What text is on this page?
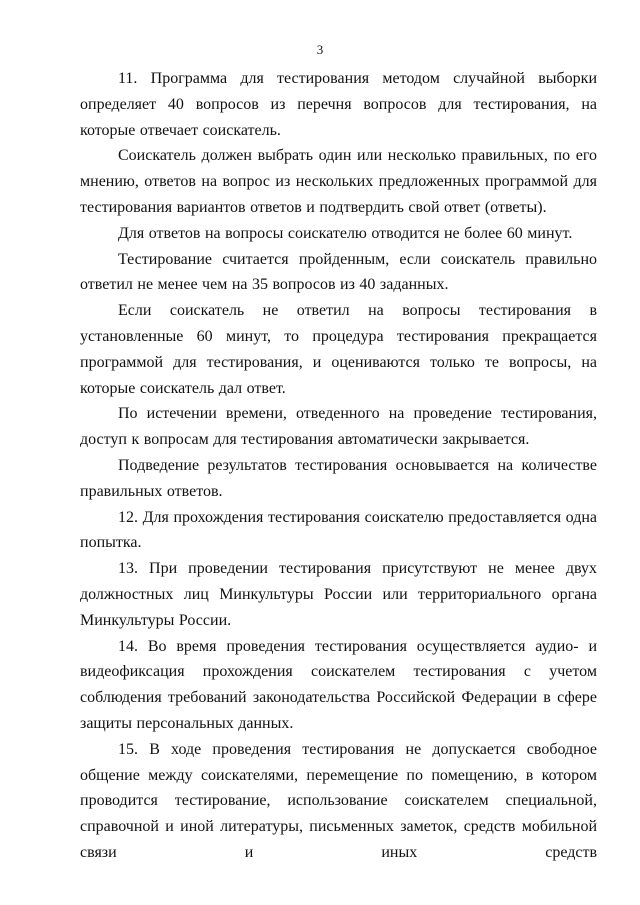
3

11. Программа для тестирования методом случайной выборки определяет 40 вопросов из перечня вопросов для тестирования, на которые отвечает соискатель.

Соискатель должен выбрать один или несколько правильных, по его мнению, ответов на вопрос из нескольких предложенных программой для тестирования вариантов ответов и подтвердить свой ответ (ответы).

Для ответов на вопросы соискателю отводится не более 60 минут.

Тестирование считается пройденным, если соискатель правильно ответил не менее чем на 35 вопросов из 40 заданных.

Если соискатель не ответил на вопросы тестирования в установленные 60 минут, то процедура тестирования прекращается программой для тестирования, и оцениваются только те вопросы, на которые соискатель дал ответ.

По истечении времени, отведенного на проведение тестирования, доступ к вопросам для тестирования автоматически закрывается.

Подведение результатов тестирования основывается на количестве правильных ответов.

12. Для прохождения тестирования соискателю предоставляется одна попытка.

13. При проведении тестирования присутствуют не менее двух должностных лиц Минкультуры России или территориального органа Минкультуры России.

14. Во время проведения тестирования осуществляется аудио- и видеофиксация прохождения соискателем тестирования с учетом соблюдения требований законодательства Российской Федерации в сфере защиты персональных данных.

15. В ходе проведения тестирования не допускается свободное общение между соискателями, перемещение по помещению, в котором проводится тестирование, использование соискателем специальной, справочной и иной литературы, письменных заметок, средств мобильной связи и иных средств
